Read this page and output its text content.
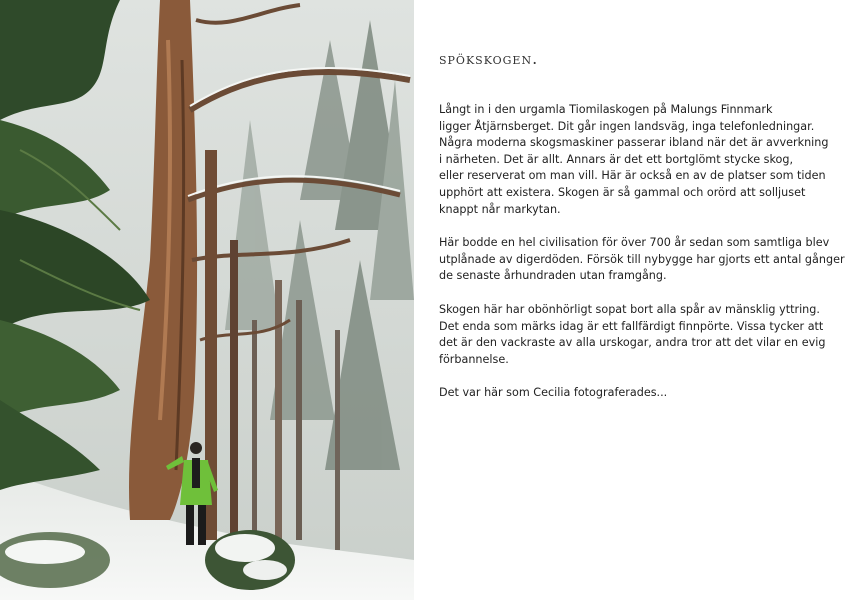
spökskogen.
Långt in i den urgamla Tiomilaskogen på Malungs Finnmark
ligger Åtjärnsberget. Dit går ingen landsväg, inga telefonledningar.
Några moderna skogsmaskiner passerar ibland när det är avverkning
i närheten. Det är allt. Annars är det ett bortglömt stycke skog,
eller reserverat om man vill. Här är också en av de platser som tiden
upphört att existera. Skogen är så gammal och orörd att solljuset
knappt når markytan.
Här bodde en hel civilisation för över 700 år sedan som samtliga blev
utplånade av digerdöden. Försök till nybygge har gjorts ett antal gånger
de senaste århundraden utan framgång.
Skogen här har obönhörligt sopat bort alla spår av mänsklig yttring.
Det enda som märks idag är ett fallfärdigt finnpörte. Vissa tycker att
det är den vackraste av alla urskogar, andra tror att det vilar en evig
förbannelse.
Det var här som Cecilia fotograferades...
